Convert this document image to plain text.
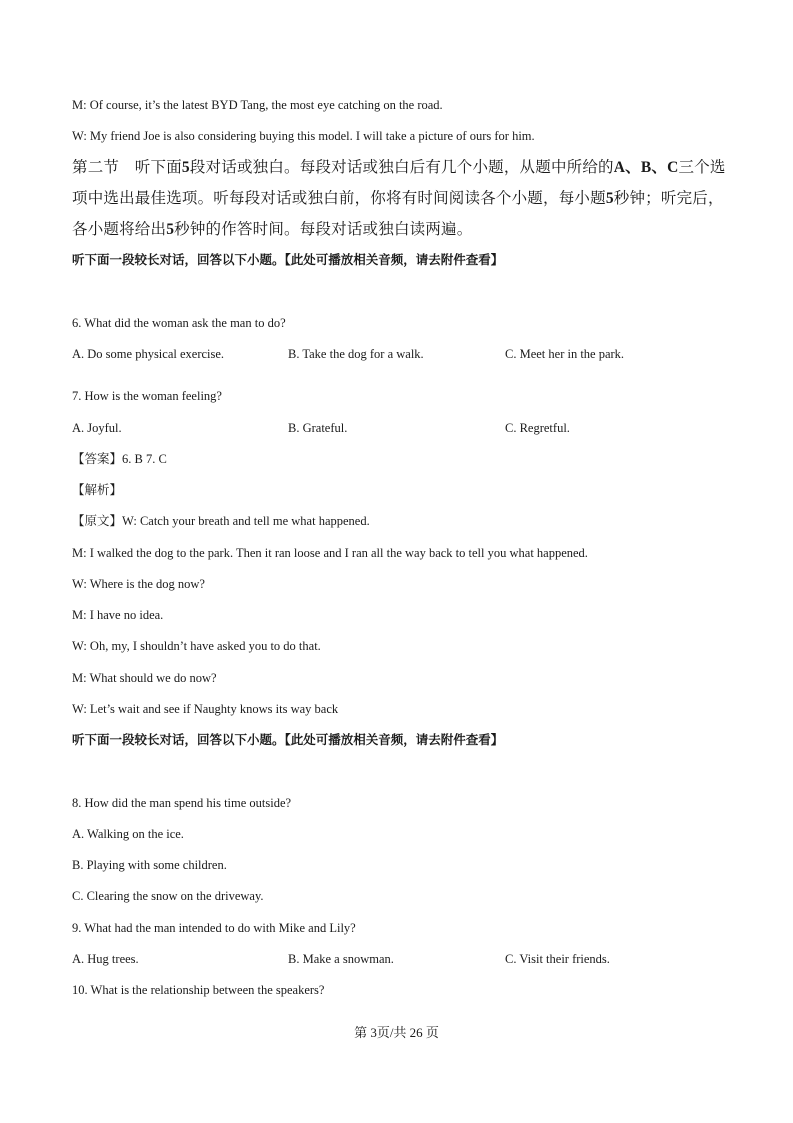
M: Of course, it’s the latest BYD Tang, the most eye catching on the road.
W: My friend Joe is also considering buying this model. I will take a picture of ours for him.
第二节　听下面5段对话或独白。每段对话或独白后有几个小题，从题中所给的A、B、C三个选项中选出最佳选项。听每段对话或独白前，你将有时间阅读各个小题，每小题5秒钟；听完后，各小题将给出5秒钟的作答时间。每段对话或独白读两遍。
听下面一段较长对话，回答以下小题。【此处可播放相关音频，请去附件查看】
6. What did the woman ask the man to do?
A. Do some physical exercise.	B. Take the dog for a walk.	C. Meet her in the park.
7. How is the woman feeling?
A. Joyful.	B. Grateful.	C. Regretful.
【答案】6. B 7. C
【解析】
【原文】W: Catch your breath and tell me what happened.
M: I walked the dog to the park. Then it ran loose and I ran all the way back to tell you what happened.
W: Where is the dog now?
M: I have no idea.
W: Oh, my, I shouldn’t have asked you to do that.
M: What should we do now?
W: Let’s wait and see if Naughty knows its way back
听下面一段较长对话，回答以下小题。【此处可播放相关音频，请去附件查看】
8. How did the man spend his time outside?
A. Walking on the ice.
B. Playing with some children.
C. Clearing the snow on the driveway.
9. What had the man intended to do with Mike and Lily?
A. Hug trees.	B. Make a snowman.	C. Visit their friends.
10. What is the relationship between the speakers?
第 3页/共 26 页
